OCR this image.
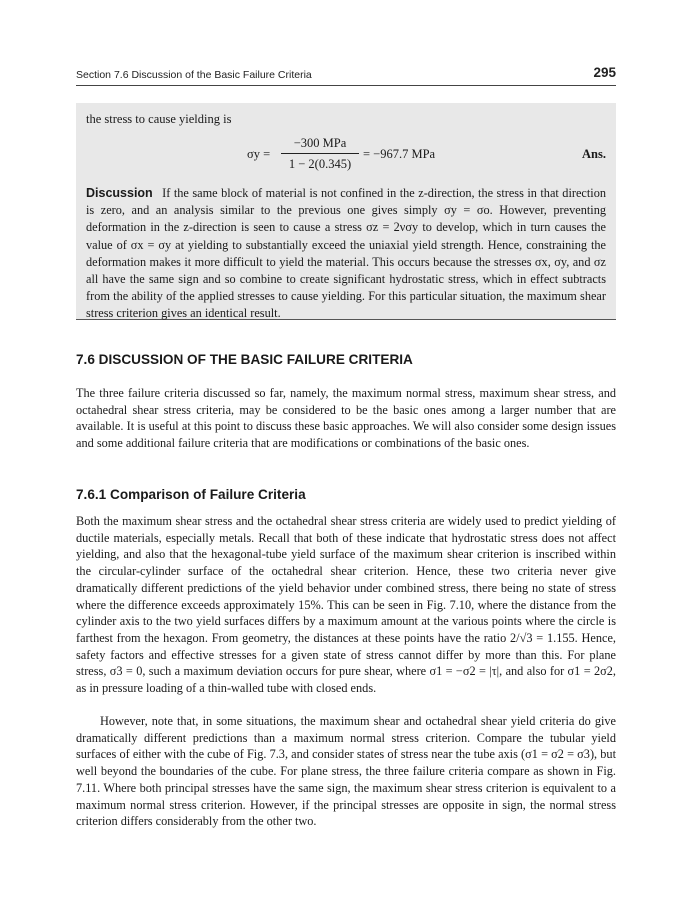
Section 7.6 Discussion of the Basic Failure Criteria	295
the stress to cause yielding is
σy =
−300 MPa
1 − 2(0.345)
= −967.7 MPa	Ans.
Discussion If the same block of material is not confined in the z-direction, the stress in that direction is zero, and an analysis similar to the previous one gives simply σy = σo. However, preventing deformation in the z-direction is seen to cause a stress σz = 2νσy to develop, which in turn causes the value of σx = σy at yielding to substantially exceed the uniaxial yield strength. Hence, constraining the deformation makes it more difficult to yield the material. This occurs because the stresses σx, σy, and σz all have the same sign and so combine to create significant hydrostatic stress, which in effect subtracts from the ability of the applied stresses to cause yielding. For this particular situation, the maximum shear stress criterion gives an identical result.
7.6 DISCUSSION OF THE BASIC FAILURE CRITERIA
The three failure criteria discussed so far, namely, the maximum normal stress, maximum shear stress, and octahedral shear stress criteria, may be considered to be the basic ones among a larger number that are available. It is useful at this point to discuss these basic approaches. We will also consider some design issues and some additional failure criteria that are modifications or combinations of the basic ones.
7.6.1 Comparison of Failure Criteria
Both the maximum shear stress and the octahedral shear stress criteria are widely used to predict yielding of ductile materials, especially metals. Recall that both of these indicate that hydrostatic stress does not affect yielding, and also that the hexagonal-tube yield surface of the maximum shear criterion is inscribed within the circular-cylinder surface of the octahedral shear criterion. Hence, these two criteria never give dramatically different predictions of the yield behavior under combined stress, there being no state of stress where the difference exceeds approximately 15%. This can be seen in Fig. 7.10, where the distance from the cylinder axis to the two yield surfaces differs by a maximum amount at the various points where the circle is farthest from the hexagon. From geometry, the distances at these points have the ratio 2/√3 = 1.155. Hence, safety factors and effective stresses for a given state of stress cannot differ by more than this. For plane stress, σ3 = 0, such a maximum deviation occurs for pure shear, where σ1 = −σ2 = |τ|, and also for σ1 = 2σ2, as in pressure loading of a thin-walled tube with closed ends.
However, note that, in some situations, the maximum shear and octahedral shear yield criteria do give dramatically different predictions than a maximum normal stress criterion. Compare the tubular yield surfaces of either with the cube of Fig. 7.3, and consider states of stress near the tube axis (σ1 = σ2 = σ3), but well beyond the boundaries of the cube. For plane stress, the three failure criteria compare as shown in Fig. 7.11. Where both principal stresses have the same sign, the maximum shear stress criterion is equivalent to a maximum normal stress criterion. However, if the principal stresses are opposite in sign, the normal stress criterion differs considerably from the other two.
